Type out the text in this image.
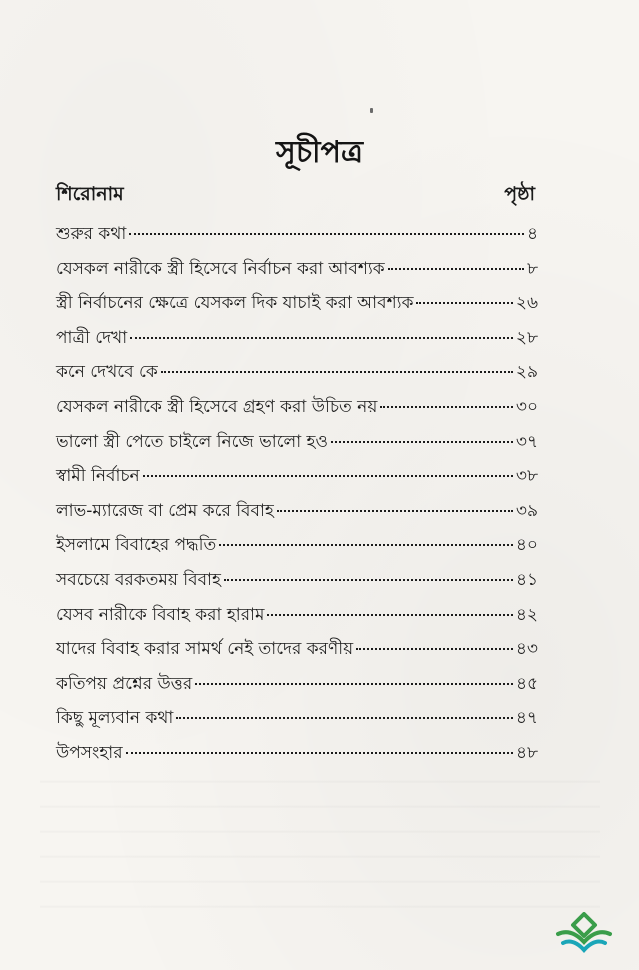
সূচীপত্র
শিরোনাম	পৃষ্ঠা
শুরুর কথা	৪
যেসকল নারীকে স্ত্রী হিসেবে নির্বাচন করা আবশ্যক	৮
স্ত্রী নির্বাচনের ক্ষেত্রে যেসকল দিক যাচাই করা আবশ্যক	২৬
পাত্রী দেখা	২৮
কনে দেখবে কে	২৯
যেসকল নারীকে স্ত্রী হিসেবে গ্রহণ করা উচিত নয়	৩০
ভালো স্ত্রী পেতে চাইলে নিজে ভালো হও	৩৭
স্বামী নির্বাচন	৩৮
লাভ-ম্যারেজ বা প্রেম করে বিবাহ	৩৯
ইসলামে বিবাহের পদ্ধতি	৪০
সবচেয়ে বরকতময় বিবাহ	৪১
যেসব নারীকে বিবাহ করা হারাম	৪২
যাদের বিবাহ করার সামর্থ নেই তাদের করণীয়	৪৩
কতিপয় প্রশ্নের উত্তর	৪৫
কিছু মূল্যবান কথা	৪৭
উপসংহার	৪৮
